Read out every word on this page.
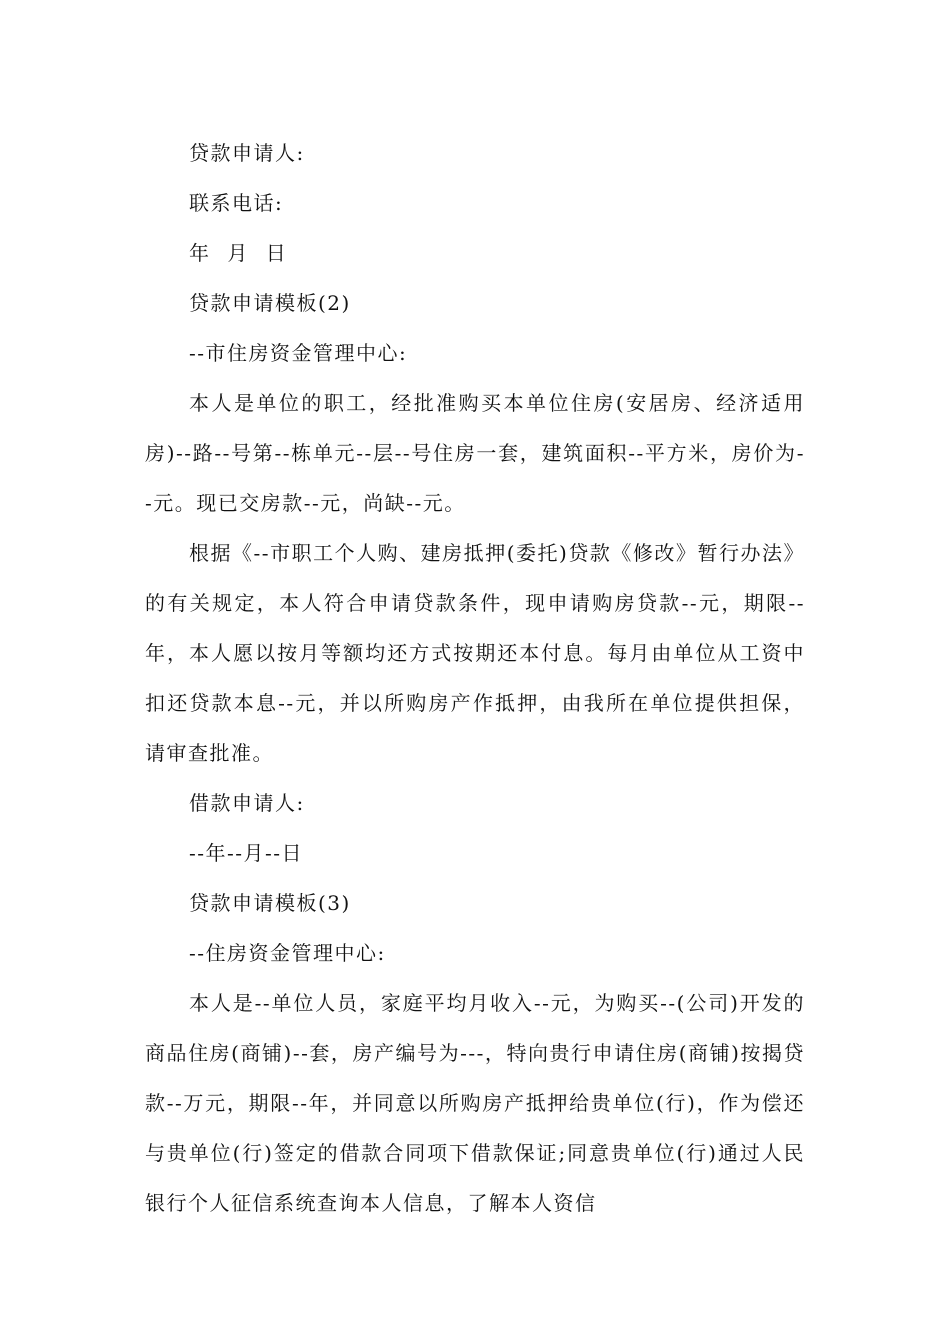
贷款申请人:

联系电话:

年 月 日

贷款申请模板(2)

--市住房资金管理中心:

本人是单位的职工，经批准购买本单位住房(安居房、经济适用房)--路--号第--栋单元--层--号住房一套，建筑面积--平方米，房价为--元。现已交房款--元，尚缺--元。

根据《--市职工个人购、建房抵押(委托)贷款《修改》暂行办法》的有关规定，本人符合申请贷款条件，现申请购房贷款--元，期限--年，本人愿以按月等额均还方式按期还本付息。每月由单位从工资中扣还贷款本息--元，并以所购房产作抵押，由我所在单位提供担保，请审查批准。

借款申请人:

--年--月--日

贷款申请模板(3)

--住房资金管理中心:

本人是--单位人员，家庭平均月收入--元，为购买--(公司)开发的商品住房(商铺)--套，房产编号为---，特向贵行申请住房(商铺)按揭贷款--万元，期限--年，并同意以所购房产抵押给贵单位(行)，作为偿还与贵单位(行)签定的借款合同项下借款保证;同意贵单位(行)通过人民银行个人征信系统查询本人信息，了解本人资信
